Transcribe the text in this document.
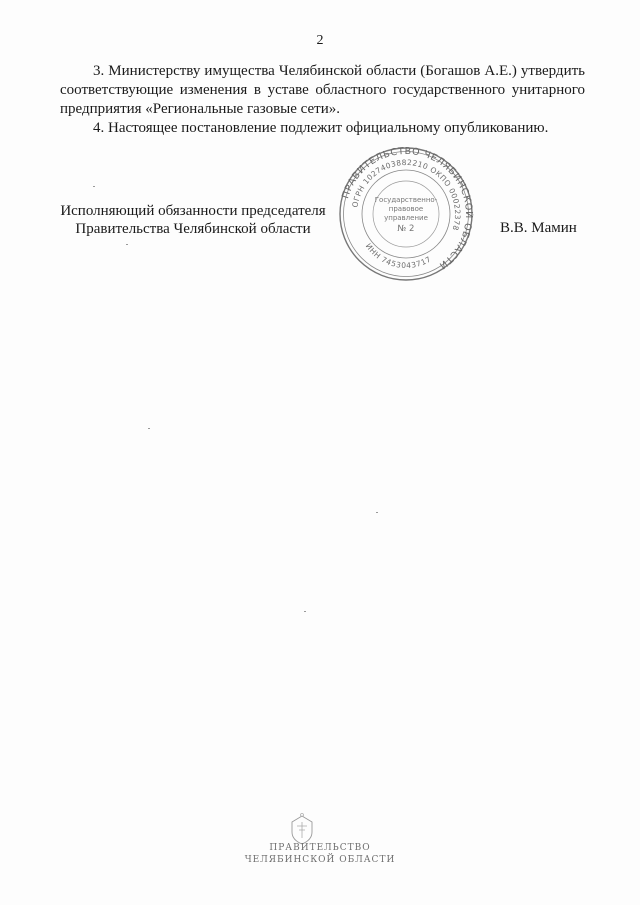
2

3. Министерству имущества Челябинской области (Богашов А.Е.) утвердить соответствующие изменения в уставе областного государственного унитарного предприятия «Региональные газовые сети».

4. Настоящее постановление подлежит официальному опубликованию.

ПРАВИТЕЛЬСТВО ЧЕЛЯБИНСКОЙ ОБЛАСТИ
ОГРН 1027403882210 ОКПО 00022378
ИНН 7453043717
Государственно-
правовое
управление
№ 2
Исполняющий обязанности председателя
Правительства Челябинской области	В.В. Мамин
ПРАВИТЕЛЬСТВО
ЧЕЛЯБИНСКОЙ ОБЛАСТИ
